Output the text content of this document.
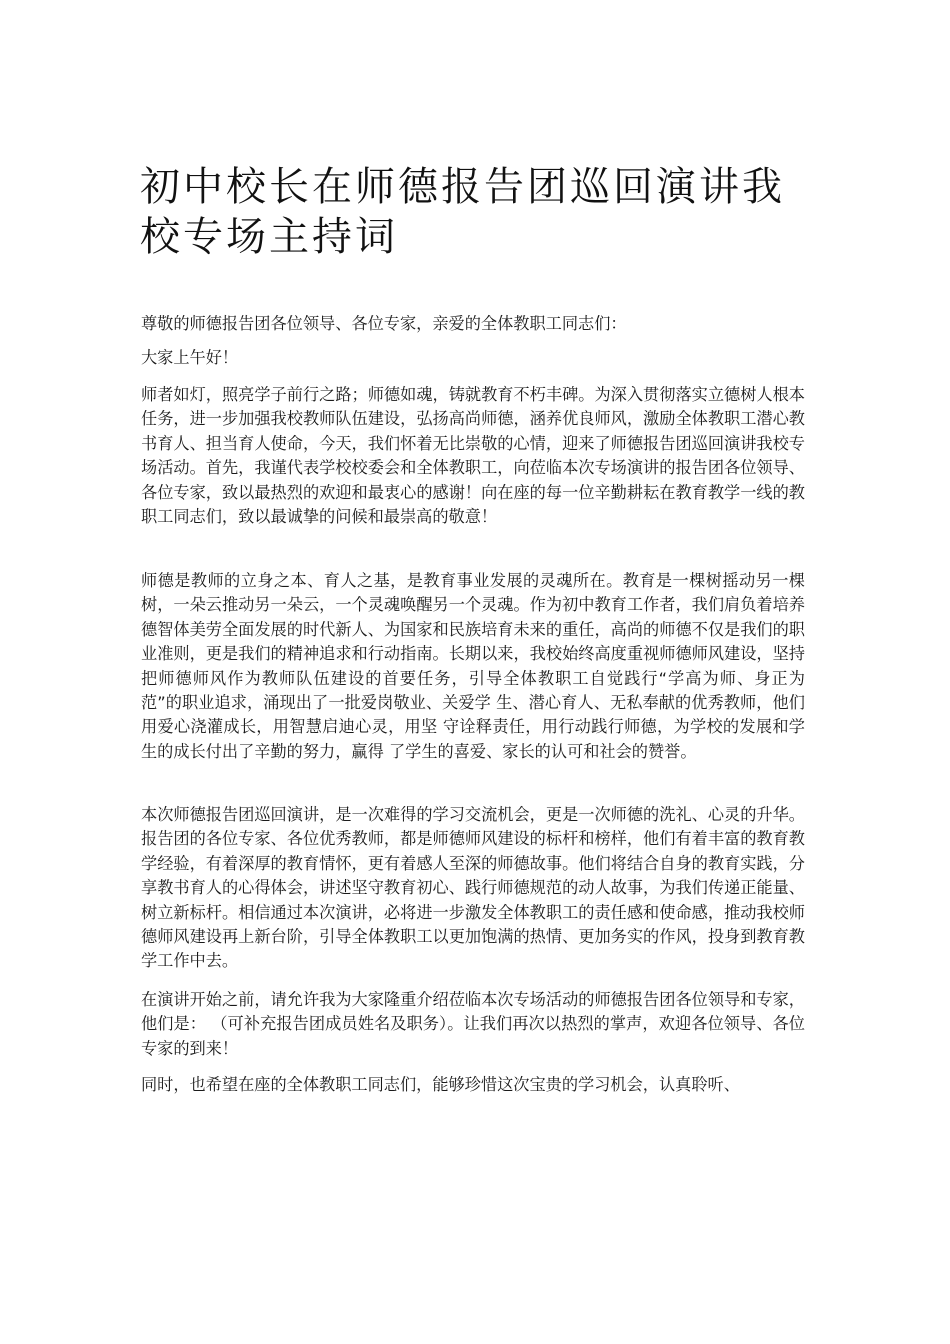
初中校长在师德报告团巡回演讲我校专场主持词

尊敬的师德报告团各位领导、各位专家，亲爱的全体教职工同志们：

大家上午好！

师者如灯，照亮学子前行之路；师德如魂，铸就教育不朽丰碑。为深入贯彻落实立德树人根本任务，进一步加强我校教师队伍建设，弘扬高尚师德，涵养优良师风，激励全体教职工潜心教书育人、担当育人使命，今天，我们怀着无比崇敬的心情，迎来了师德报告团巡回演讲我校专场活动。首先，我谨代表学校校委会和全体教职工，向莅临本次专场演讲的报告团各位领导、各位专家，致以最热烈的欢迎和最衷心的感谢！向在座的每一位辛勤耕耘在教育教学一线的教职工同志们，致以最诚挚的问候和最崇高的敬意！

师德是教师的立身之本、育人之基，是教育事业发展的灵魂所在。教育是一棵树摇动另一棵树，一朵云推动另一朵云，一个灵魂唤醒另一个灵魂。作为初中教育工作者，我们肩负着培养德智体美劳全面发展的时代新人、为国家和民族培育未来的重任，高尚的师德不仅是我们的职业准则，更是我们的精神追求和行动指南。长期以来，我校始终高度重视师德师风建设，坚持把师德师风作为教师队伍建设的首要任务，引导全体教职工自觉践行“学高为师、身正为范”的职业追求，涌现出了一批爱岗敬业、关爱学 生、潜心育人、无私奉献的优秀教师，他们用爱心浇灌成长，用智慧启迪心灵，用坚 守诠释责任，用行动践行师德，为学校的发展和学生的成长付出了辛勤的努力，赢得 了学生的喜爱、家长的认可和社会的赞誉。

本次师德报告团巡回演讲，是一次难得的学习交流机会，更是一次师德的洗礼、心灵的升华。报告团的各位专家、各位优秀教师，都是师德师风建设的标杆和榜样，他们有着丰富的教育教学经验，有着深厚的教育情怀，更有着感人至深的师德故事。他们将结合自身的教育实践，分享教书育人的心得体会，讲述坚守教育初心、践行师德规范的动人故事，为我们传递正能量、树立新标杆。相信通过本次演讲，必将进一步激发全体教职工的责任感和使命感，推动我校师德师风建设再上新台阶，引导全体教职工以更加饱满的热情、更加务实的作风，投身到教育教学工作中去。

在演讲开始之前，请允许我为大家隆重介绍莅临本次专场活动的师德报告团各位领导和专家，他们是： （可补充报告团成员姓名及职务）。让我们再次以热烈的掌声，欢迎各位领导、各位专家的到来！

同时，也希望在座的全体教职工同志们，能够珍惜这次宝贵的学习机会，认真聆听、
